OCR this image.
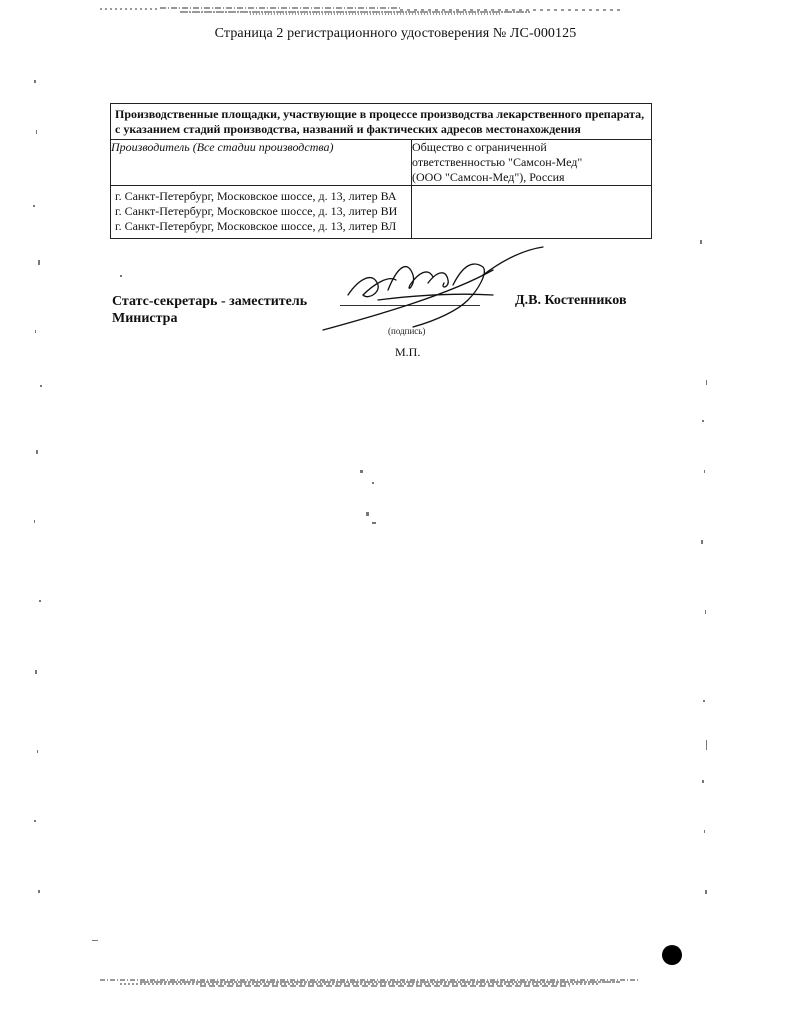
Страница 2 регистрационного удостоверения № ЛС-000125
Производственные площадки, участвующие в процессе производства лекарственного препарата, с указанием стадий производства, названий и фактических адресов местонахождения	
Производитель (Все стадии производства)	Общество с ограниченной
ответственностью "Самсон-Мед"
(ООО "Самсон-Мед"), Россия

г. Санкт-Петербург, Московское шоссе, д. 13, литер ВА
г. Санкт-Петербург, Московское шоссе, д. 13, литер ВИ
г. Санкт-Петербург, Московское шоссе, д. 13, литер ВЛ	

Статс-секретарь - заместитель
Министра
(подпись)
М.П.
Д.В. Костенников
